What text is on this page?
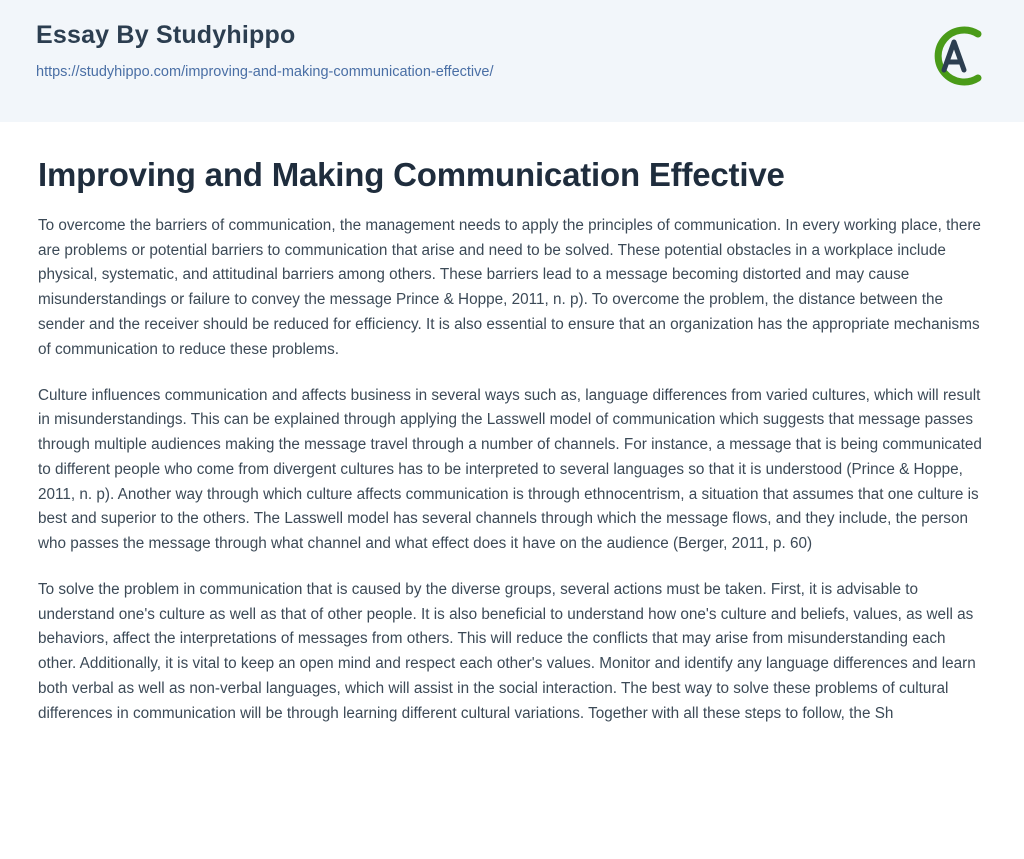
Essay By Studyhippo
https://studyhippo.com/improving-and-making-communication-effective/
Improving and Making Communication Effective

To overcome the barriers of communication, the management needs to apply the principles of communication. In every working place, there are problems or potential barriers to communication that arise and need to be solved. These potential obstacles in a workplace include physical, systematic, and attitudinal barriers among others. These barriers lead to a message becoming distorted and may cause misunderstandings or failure to convey the message Prince & Hoppe, 2011, n. p). To overcome the problem, the distance between the sender and the receiver should be reduced for efficiency. It is also essential to ensure that an organization has the appropriate mechanisms of communication to reduce these problems.

Culture influences communication and affects business in several ways such as, language differences from varied cultures, which will result in misunderstandings. This can be explained through applying the Lasswell model of communication which suggests that message passes through multiple audiences making the message travel through a number of channels. For instance, a message that is being communicated to different people who come from divergent cultures has to be interpreted to several languages so that it is understood (Prince & Hoppe, 2011, n. p). Another way through which culture affects communication is through ethnocentrism, a situation that assumes that one culture is best and superior to the others. The Lasswell model has several channels through which the message flows, and they include, the person who passes the message through what channel and what effect does it have on the audience (Berger, 2011, p. 60)

To solve the problem in communication that is caused by the diverse groups, several actions must be taken. First, it is advisable to understand one's culture as well as that of other people. It is also beneficial to understand how one's culture and beliefs, values, as well as behaviors, affect the interpretations of messages from others. This will reduce the conflicts that may arise from misunderstanding each other. Additionally, it is vital to keep an open mind and respect each other's values. Monitor and identify any language differences and learn both verbal as well as non-verbal languages, which will assist in the social interaction. The best way to solve these problems of cultural differences in communication will be through learning different cultural variations. Together with all these steps to follow, the Sh
